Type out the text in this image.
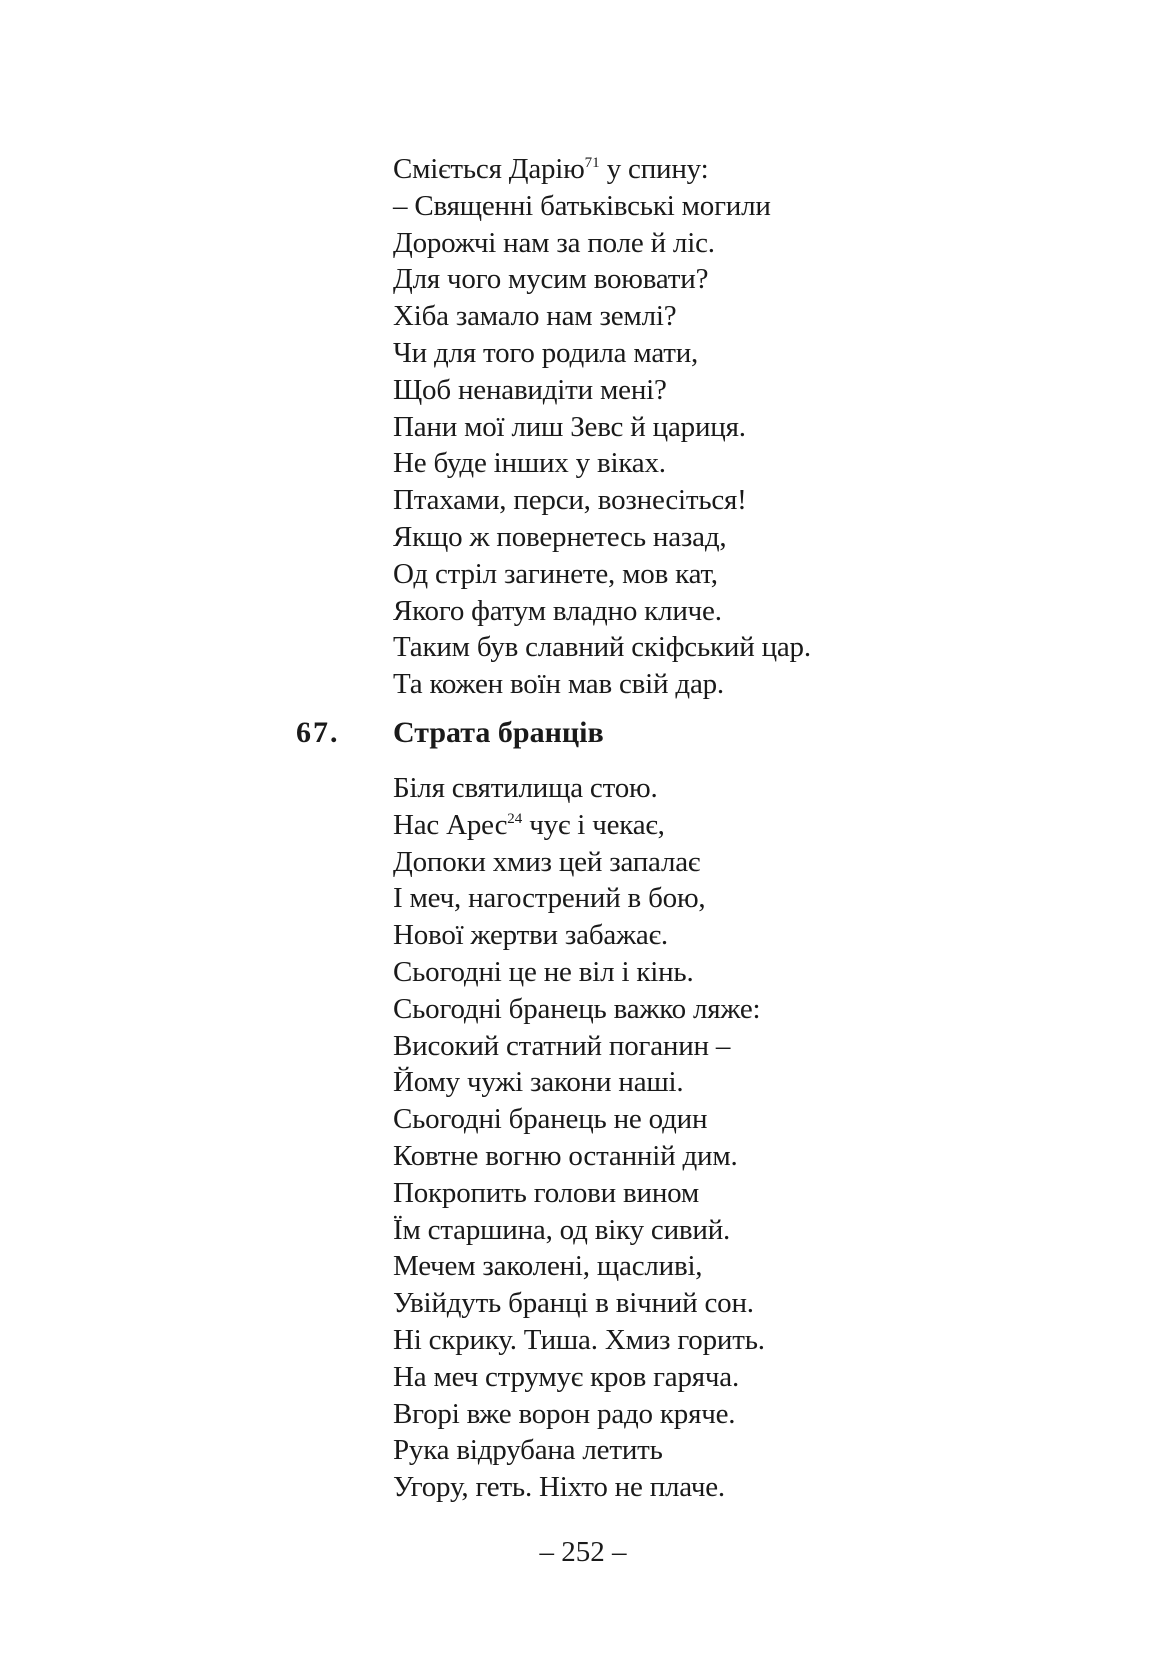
Сміється Дарію$^{71}$ у спину:
– Священні батьківські могили
Дорожчі нам за поле й ліс.
Для чого мусим воювати?
Хіба замало нам землі?
Чи для того родила мати,
Щоб ненавидіти мені?
Пани мої лиш Зевс й цариця.
Не буде інших у віках.
Птахами, перси, вознесіться!
Якщо ж повернетесь назад,
Од стріл загинете, мов кат,
Якого фатум владно кличе.
Таким був славний скіфський цар.
Та кожен воїн мав свій дар.
67. Страта бранців
Біля святилища стою.
Нас Арес$^{24}$ чує і чекає,
Допоки хмиз цей запалає
І меч, нагострений в бою,
Нової жертви забажає.
Сьогодні це не віл і кінь.
Сьогодні бранець важко ляже:
Високий статний поганин –
Йому чужі закони наші.
Сьогодні бранець не один
Ковтне вогню останній дим.
Покропить голови вином
Їм старшина, од віку сивий.
Мечем заколені, щасливі,
Увійдуть бранці в вічний сон.
Ні скрику. Тиша. Хмиз горить.
На меч струмує кров гаряча.
Вгорі вже ворон радо кряче.
Рука відрубана летить
Угору, геть. Ніхто не плаче.
– 252 –
